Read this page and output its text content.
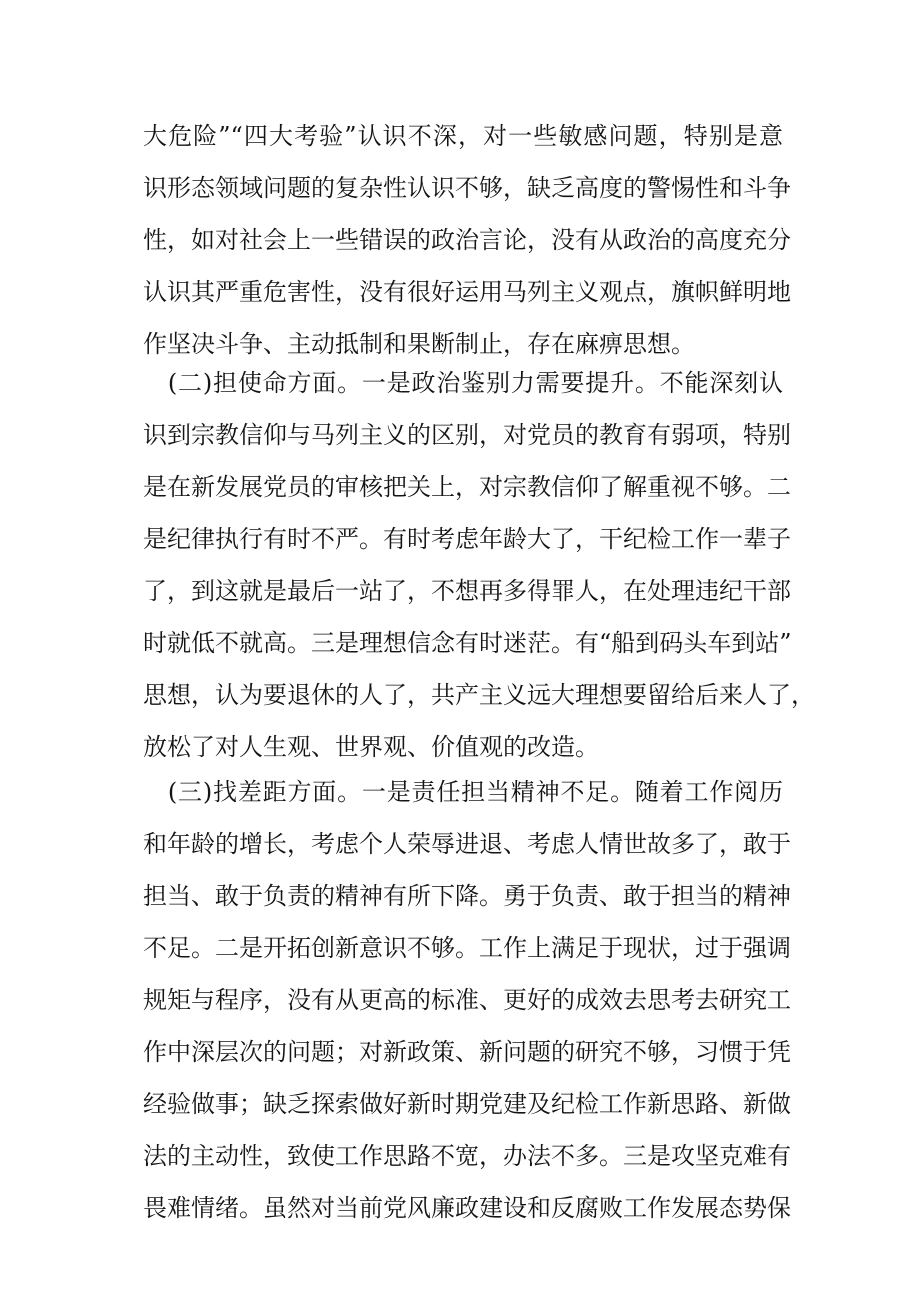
大危险”“四大考验”认识不深，对一些敏感问题，特别是意
识形态领域问题的复杂性认识不够，缺乏高度的警惕性和斗争
性，如对社会上一些错误的政治言论，没有从政治的高度充分
认识其严重危害性，没有很好运用马列主义观点，旗帜鲜明地
作坚决斗争、主动抵制和果断制止，存在麻痹思想。
　(二)担使命方面。一是政治鉴别力需要提升。不能深刻认
识到宗教信仰与马列主义的区别，对党员的教育有弱项，特别
是在新发展党员的审核把关上，对宗教信仰了解重视不够。二
是纪律执行有时不严。有时考虑年龄大了，干纪检工作一辈子
了，到这就是最后一站了，不想再多得罪人，在处理违纪干部
时就低不就高。三是理想信念有时迷茫。有“船到码头车到站”
思想，认为要退休的人了，共产主义远大理想要留给后来人了，
放松了对人生观、世界观、价值观的改造。
　(三)找差距方面。一是责任担当精神不足。随着工作阅历
和年龄的增长，考虑个人荣辱进退、考虑人情世故多了，敢于
担当、敢于负责的精神有所下降。勇于负责、敢于担当的精神
不足。二是开拓创新意识不够。工作上满足于现状，过于强调
规矩与程序，没有从更高的标准、更好的成效去思考去研究工
作中深层次的问题；对新政策、新问题的研究不够，习惯于凭
经验做事；缺乏探索做好新时期党建及纪检工作新思路、新做
法的主动性，致使工作思路不宽，办法不多。三是攻坚克难有
畏难情绪。虽然对当前党风廉政建设和反腐败工作发展态势保
